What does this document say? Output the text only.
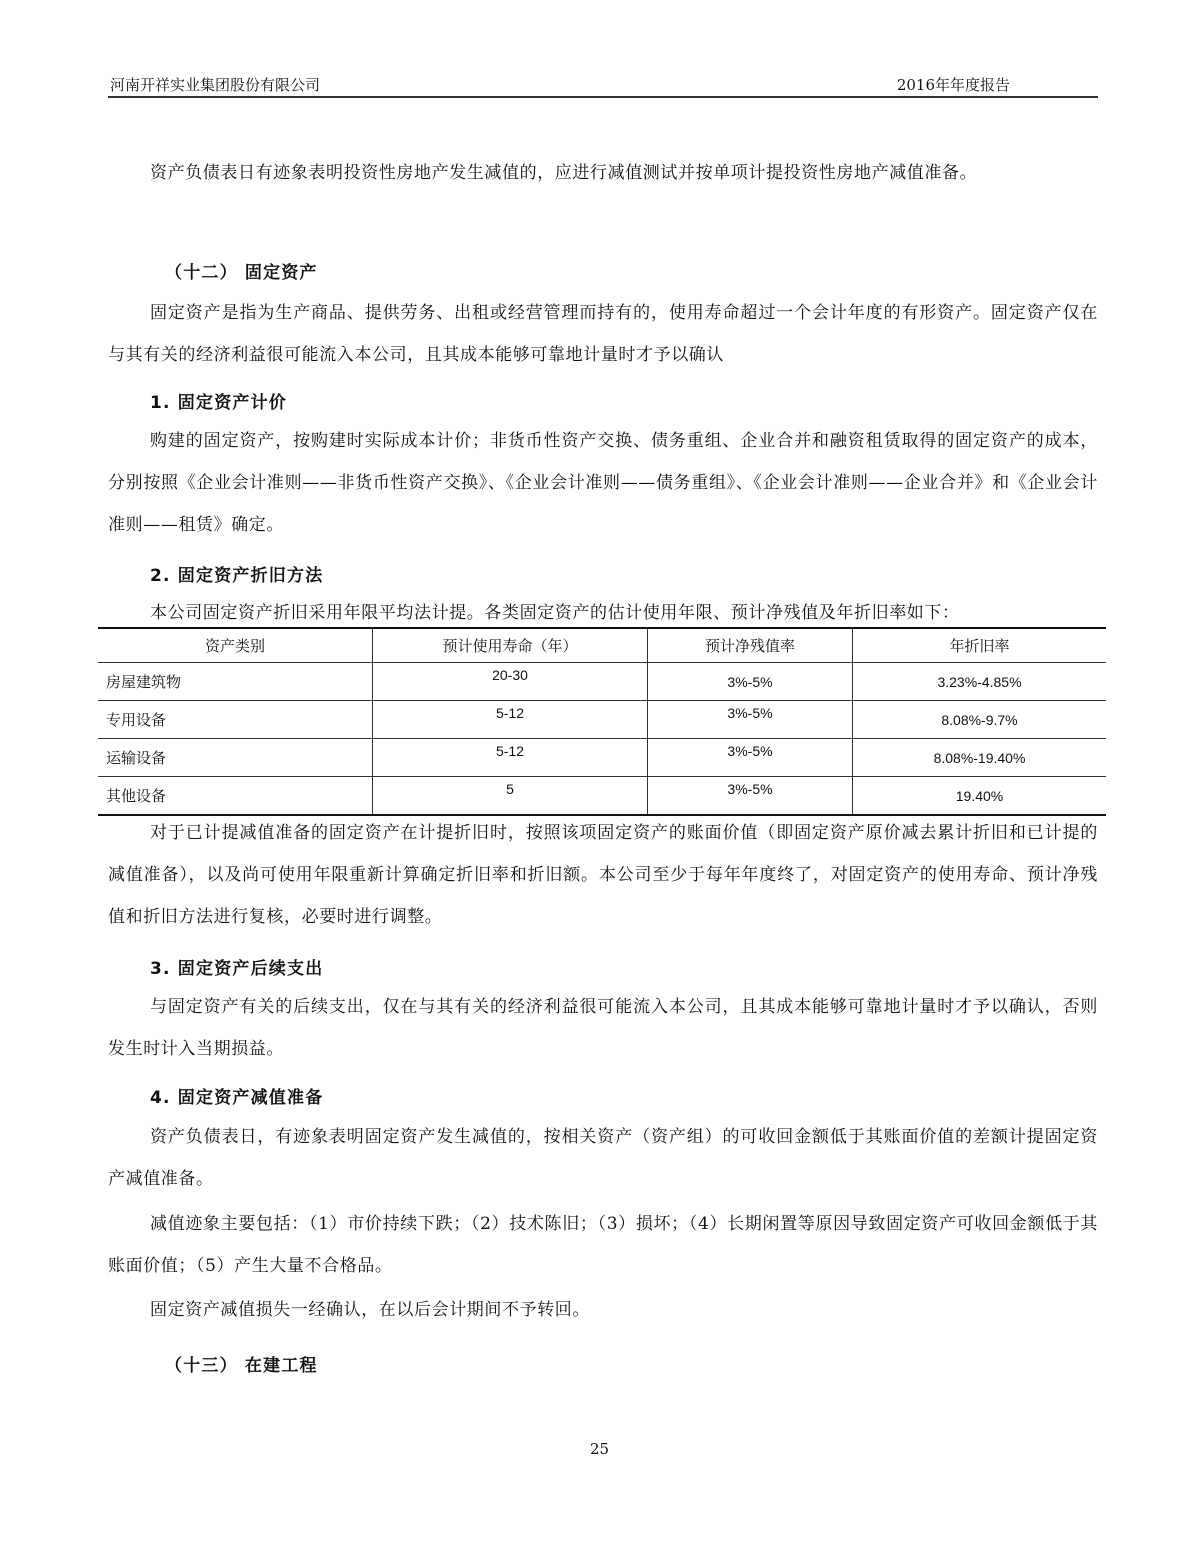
河南开祥实业集团股份有限公司	2016年年度报告

资产负债表日有迹象表明投资性房地产发生减值的，应进行减值测试并按单项计提投资性房地产减值准备。

（十二） 固定资产

固定资产是指为生产商品、提供劳务、出租或经营管理而持有的，使用寿命超过一个会计年度的有形资产。固定资产仅在与其有关的经济利益很可能流入本公司，且其成本能够可靠地计量时才予以确认

1. 固定资产计价

购建的固定资产，按购建时实际成本计价；非货币性资产交换、债务重组、企业合并和融资租赁取得的固定资产的成本，分别按照《企业会计准则——非货币性资产交换》、《企业会计准则——债务重组》、《企业会计准则——企业合并》和《企业会计准则——租赁》确定。

2. 固定资产折旧方法

本公司固定资产折旧采用年限平均法计提。各类固定资产的估计使用年限、预计净残值及年折旧率如下：

资产类别	预计使用寿命（年）	预计净残值率	年折旧率
房屋建筑物	20-30	3%-5%	3.23%-4.85%
专用设备	5-12	3%-5%	8.08%-9.7%
运输设备	5-12	3%-5%	8.08%-19.40%
其他设备	5	3%-5%	19.40%

对于已计提减值准备的固定资产在计提折旧时，按照该项固定资产的账面价值（即固定资产原价减去累计折旧和已计提的减值准备），以及尚可使用年限重新计算确定折旧率和折旧额。本公司至少于每年年度终了，对固定资产的使用寿命、预计净残值和折旧方法进行复核，必要时进行调整。

3. 固定资产后续支出

与固定资产有关的后续支出，仅在与其有关的经济利益很可能流入本公司，且其成本能够可靠地计量时才予以确认，否则发生时计入当期损益。

4. 固定资产减值准备

资产负债表日，有迹象表明固定资产发生减值的，按相关资产（资产组）的可收回金额低于其账面价值的差额计提固定资产减值准备。

减值迹象主要包括：（1）市价持续下跌；（2）技术陈旧；（3）损坏；（4）长期闲置等原因导致固定资产可收回金额低于其账面价值；（5）产生大量不合格品。

固定资产减值损失一经确认，在以后会计期间不予转回。

（十三） 在建工程

25
